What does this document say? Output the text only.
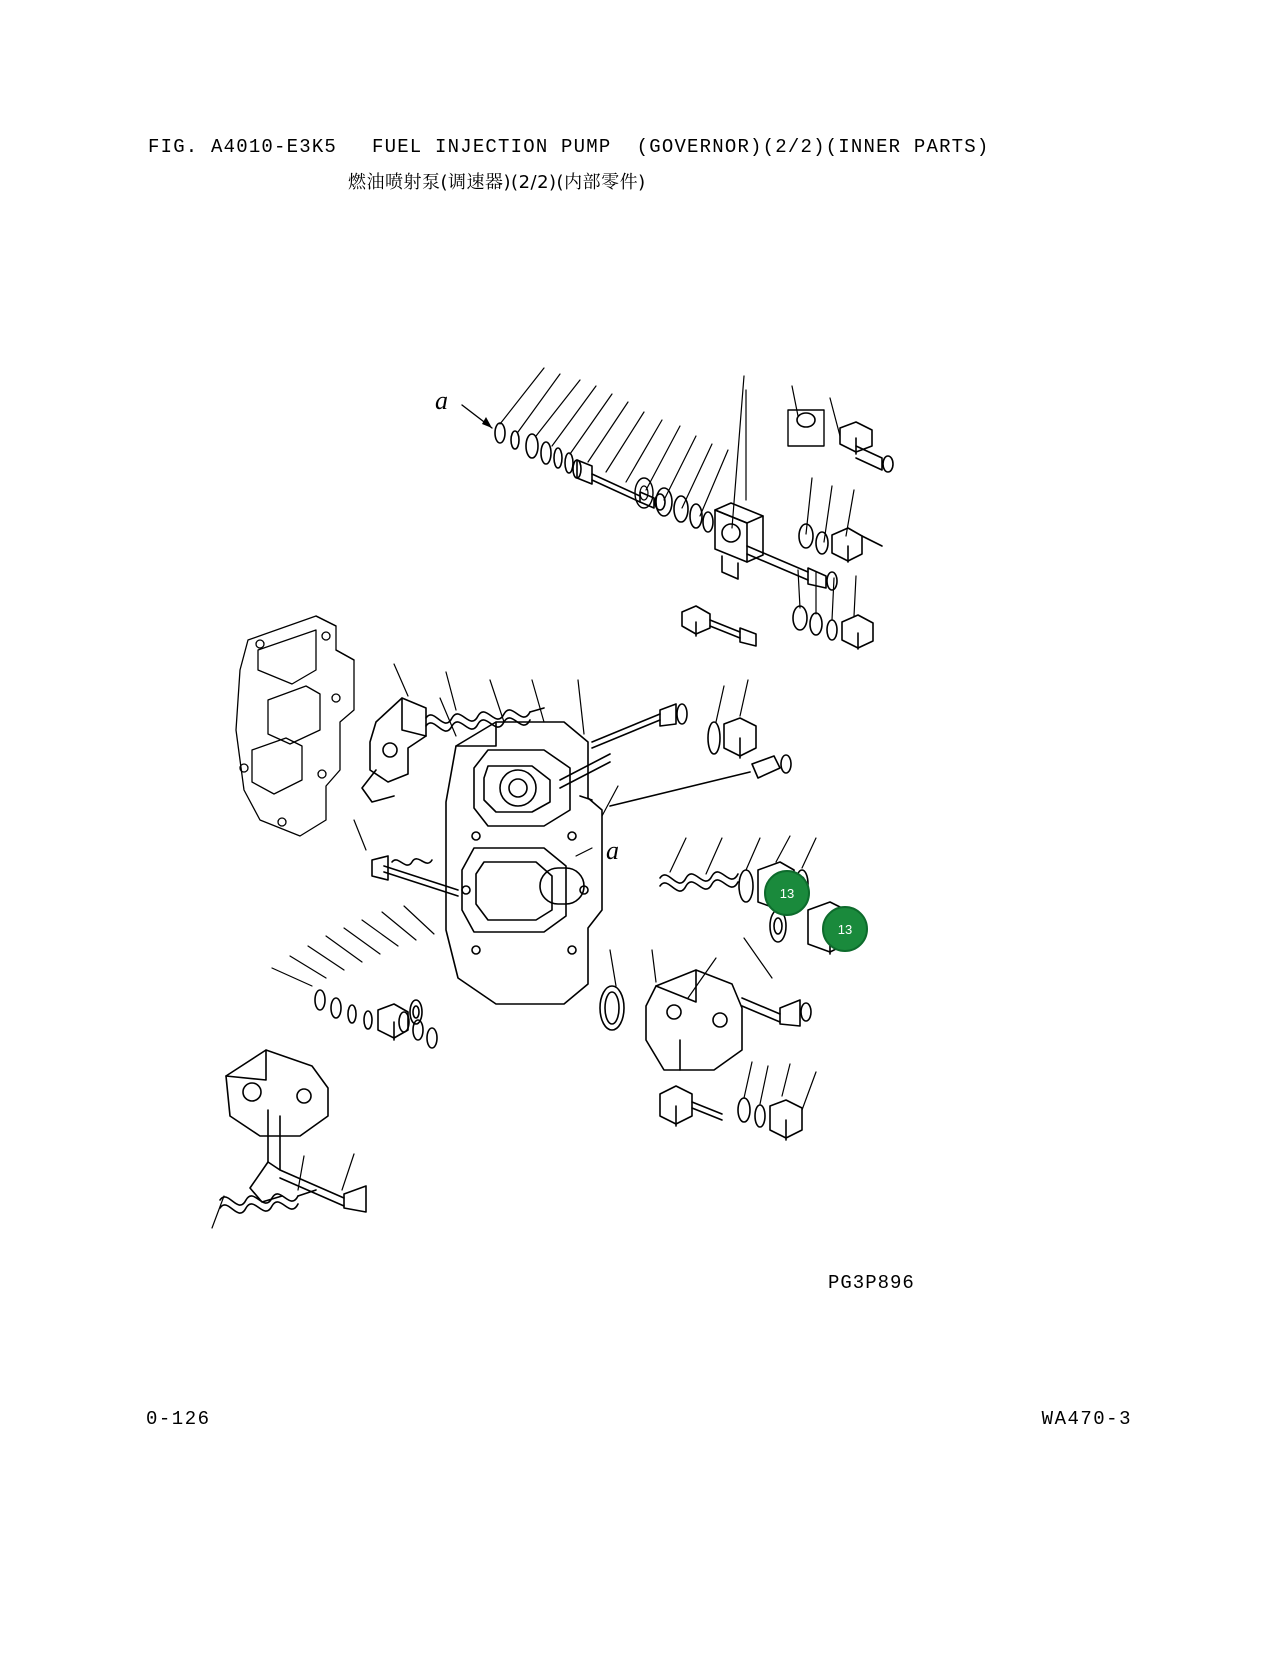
FIG. A4010-E3K5	FUEL INJECTION PUMP  (GOVERNOR)(2/2)(INNER PARTS)
燃油喷射泵(调速器)(2/2)(内部零件)
a
a
13
13
PG3P896
0-126	WA470-3
